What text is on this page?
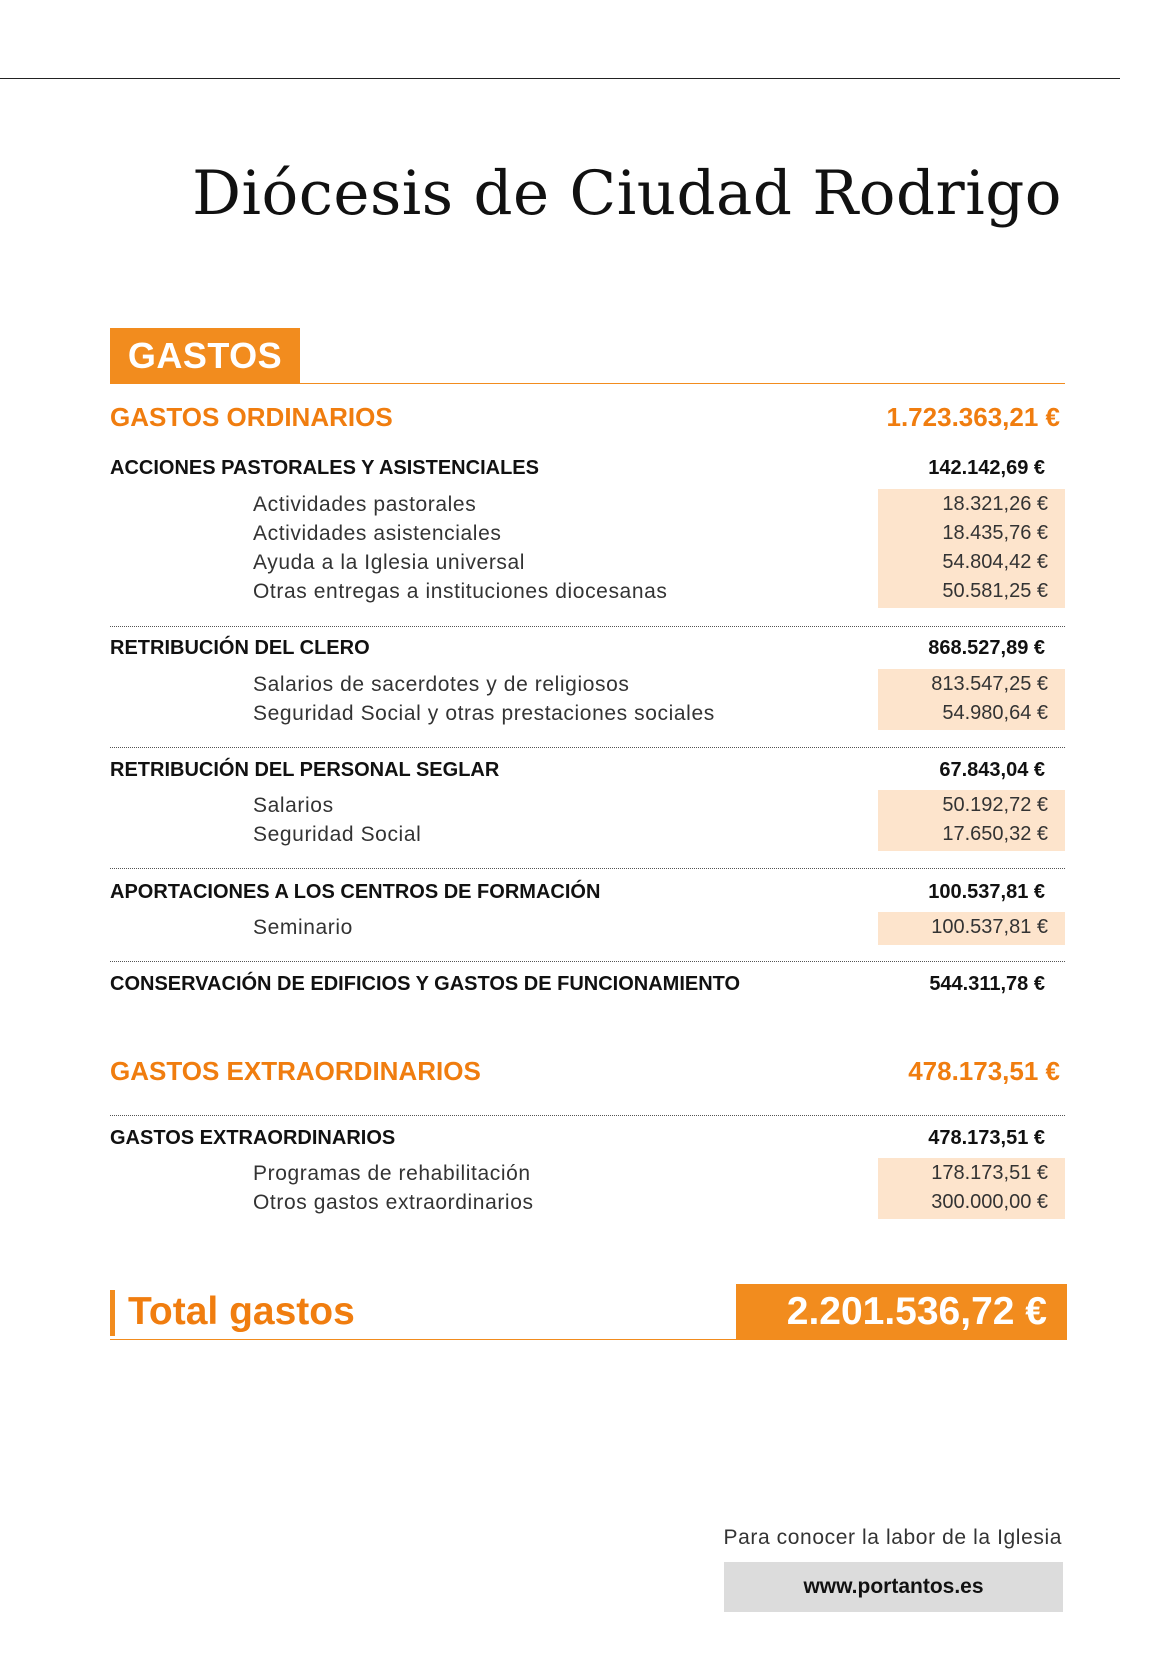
Diócesis de Ciudad Rodrigo
GASTOS
GASTOS ORDINARIOS	1.723.363,21 €
ACCIONES PASTORALES Y ASISTENCIALES	142.142,69 €
Actividades pastorales	18.321,26 €
Actividades asistenciales	18.435,76 €
Ayuda a la Iglesia universal	54.804,42 €
Otras entregas a instituciones diocesanas	50.581,25 €
RETRIBUCIÓN DEL CLERO	868.527,89 €
Salarios de sacerdotes y de religiosos	813.547,25 €
Seguridad Social y otras prestaciones sociales	54.980,64 €
RETRIBUCIÓN DEL PERSONAL SEGLAR	67.843,04 €
Salarios	50.192,72 €
Seguridad Social	17.650,32 €
APORTACIONES A LOS CENTROS DE FORMACIÓN	100.537,81 €
Seminario	100.537,81 €
CONSERVACIÓN DE EDIFICIOS Y GASTOS DE FUNCIONAMIENTO	544.311,78 €
GASTOS EXTRAORDINARIOS	478.173,51 €
GASTOS EXTRAORDINARIOS	478.173,51 €
Programas de rehabilitación	178.173,51 €
Otros gastos extraordinarios	300.000,00 €
Total gastos	2.201.536,72 €
Para conocer la labor de la Iglesia
www.portantos.es
